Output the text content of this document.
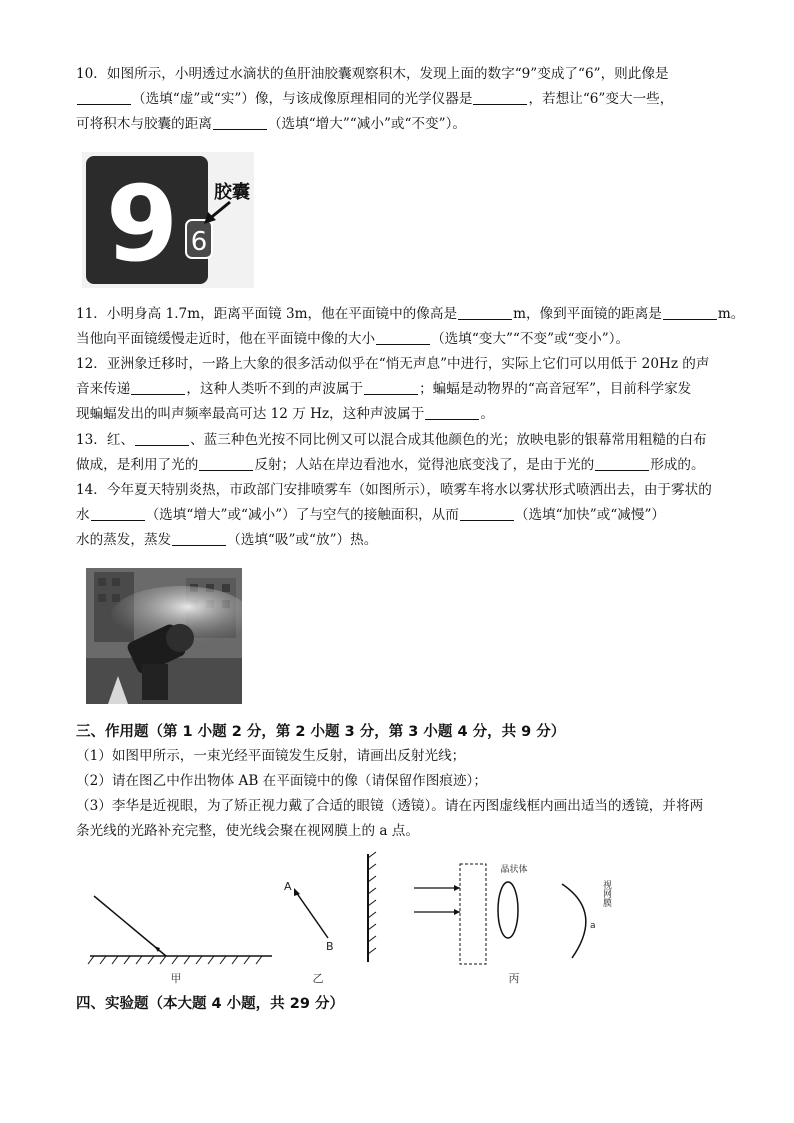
10．如图所示，小明透过水滴状的鱼肝油胶囊观察积木，发现上面的数字“9”变成了“6”，则此像是
（选填“虚”或“实”）像，与该成像原理相同的光学仪器是	，若想让“6”变大一些，
可将积木与胶囊的距离	（选填“增大”“减小”或“不变”）。
9 6
胶囊
11．小明身高 1.7m，距离平面镜 3m，他在平面镜中的像高是	m，像到平面镜的距离是	m。
当他向平面镜缓慢走近时，他在平面镜中像的大小	（选填“变大”“不变”或“变小”）。
12．亚洲象迁移时，一路上大象的很多活动似乎在“悄无声息”中进行，实际上它们可以用低于 20Hz 的声
音来传递	，这种人类听不到的声波属于	；蝙蝠是动物界的“高音冠军”，目前科学家发
现蝙蝠发出的叫声频率最高可达 12 万 Hz，这种声波属于	。
13．红、	、蓝三种色光按不同比例又可以混合成其他颜色的光；放映电影的银幕常用粗糙的白布
做成，是利用了光的	反射；人站在岸边看池水，觉得池底变浅了，是由于光的	形成的。
14．今年夏天特别炎热，市政部门安排喷雾车（如图所示），喷雾车将水以雾状形式喷洒出去，由于雾状的
水	（选填“增大”或“减小”）了与空气的接触面积，从而	（选填“加快”或“减慢”）
水的蒸发，蒸发	（选填“吸”或“放”）热。
三、作用题（第 1 小题 2 分，第 2 小题 3 分，第 3 小题 4 分，共 9 分）
（1）如图甲所示，一束光经平面镜发生反射，请画出反射光线；
（2）请在图乙中作出物体 AB 在平面镜中的像（请保留作图痕迹）；
（3）李华是近视眼，为了矫正视力戴了合适的眼镜（透镜）。请在丙图虚线框内画出适当的透镜，并将两
条光线的光路补充完整，使光线会聚在视网膜上的 a 点。
甲
A
B
乙
晶状体
视网膜
a
丙
四、实验题（本大题 4 小题，共 29 分）
